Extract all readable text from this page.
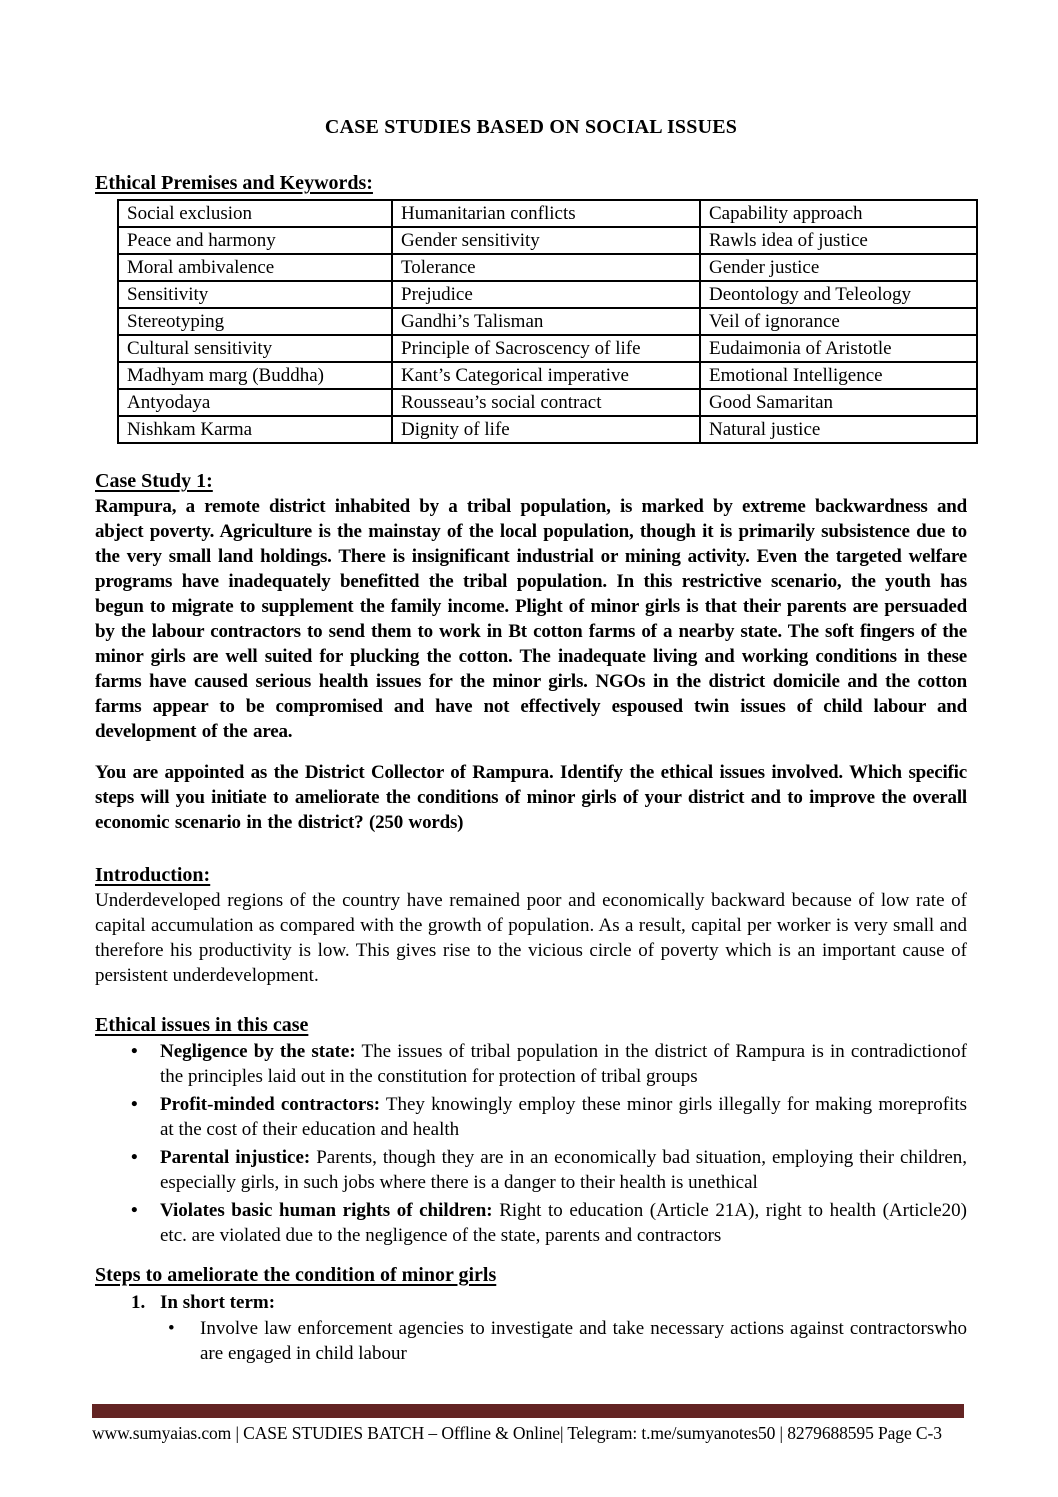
CASE STUDIES BASED ON SOCIAL ISSUES
Ethical Premises and Keywords:
Social exclusion	Humanitarian conflicts	Capability approach
Peace and harmony	Gender sensitivity	Rawls idea of justice
Moral ambivalence	Tolerance	Gender justice
Sensitivity	Prejudice	Deontology and Teleology
Stereotyping	Gandhi’s Talisman	Veil of ignorance
Cultural sensitivity	Principle of Sacroscency of life	Eudaimonia of Aristotle
Madhyam marg (Buddha)	Kant’s Categorical imperative	Emotional Intelligence
Antyodaya	Rousseau’s social contract	Good Samaritan
Nishkam Karma	Dignity of life	Natural justice
Case Study 1:

Rampura, a remote district inhabited by a tribal population, is marked by extreme backwardness and abject poverty. Agriculture is the mainstay of the local population, though it is primarily subsistence due to the very small land holdings. There is insignificant industrial or mining activity. Even the targeted welfare programs have inadequately benefitted the tribal population. In this restrictive scenario, the youth has begun to migrate to supplement the family income. Plight of minor girls is that their parents are persuaded by the labour contractors to send them to work in Bt cotton farms of a nearby state. The soft fingers of the minor girls are well suited for plucking the cotton. The inadequate living and working conditions in these farms have caused serious health issues for the minor girls. NGOs in the district domicile and the cotton farms appear to be compromised and have not effectively espoused twin issues of child labour and development of the area.

You are appointed as the District Collector of Rampura. Identify the ethical issues involved. Which specific steps will you initiate to ameliorate the conditions of minor girls of your district and to improve the overall economic scenario in the district? (250 words)

Introduction:

Underdeveloped regions of the country have remained poor and economically backward because of low rate of capital accumulation as compared with the growth of population. As a result, capital per worker is very small and therefore his productivity is low. This gives rise to the vicious circle of poverty which is an important cause of persistent underdevelopment.

Ethical issues in this case
•	Negligence by the state: The issues of tribal population in the district of Rampura is in contradictionof the principles laid out in the constitution for protection of tribal groups
•	Profit-minded contractors: They knowingly employ these minor girls illegally for making moreprofits at the cost of their education and health
•	Parental injustice: Parents, though they are in an economically bad situation, employing their children, especially girls, in such jobs where there is a danger to their health is unethical
•	Violates basic human rights of children: Right to education (Article 21A), right to health (Article20) etc. are violated due to the negligence of the state, parents and contractors
Steps to ameliorate the condition of minor girls
1. In short term:
•	Involve law enforcement agencies to investigate and take necessary actions against contractorswho are engaged in child labour
www.sumyaias.com | CASE STUDIES BATCH – Offline & Online| Telegram: t.me/sumyanotes50 | 8279688595 Page C-3
